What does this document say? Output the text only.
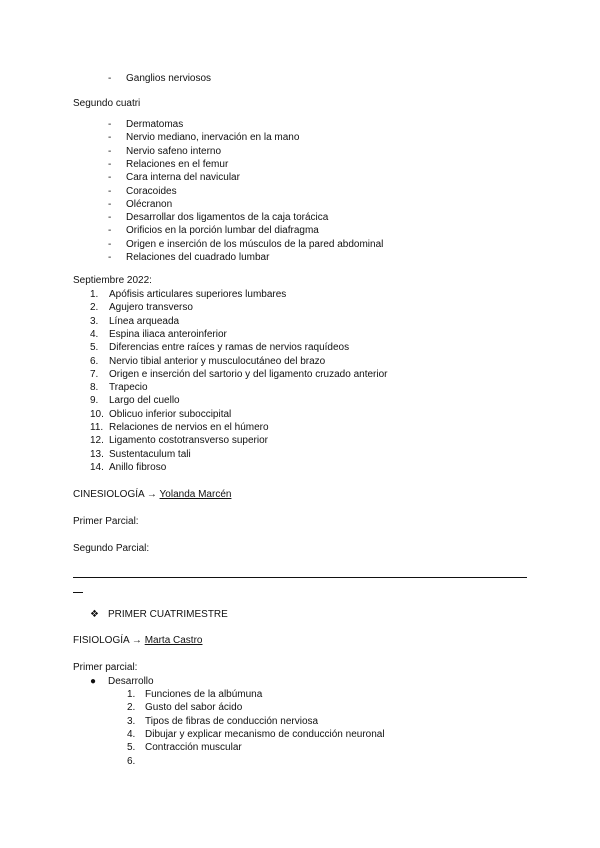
- Ganglios nerviosos
Segundo cuatri
- Dermatomas
- Nervio mediano, inervación en la mano
- Nervio safeno interno
- Relaciones en el femur
- Cara interna del navicular
- Coracoides
- Olécranon
- Desarrollar dos ligamentos de la caja torácica
- Orificios en la porción lumbar del diafragma
- Origen e inserción de los músculos de la pared abdominal
- Relaciones del cuadrado lumbar
Septiembre 2022:
1. Apófisis articulares superiores lumbares
2. Agujero transverso
3. Línea arqueada
4. Espina iliaca anteroinferior
5. Diferencias entre raíces y ramas de nervios raquídeos
6. Nervio tibial anterior y musculocutáneo del brazo
7. Origen e inserción del sartorio y del ligamento cruzado anterior
8. Trapecio
9. Largo del cuello
10. Oblicuo inferior suboccipital
11. Relaciones de nervios en el húmero
12. Ligamento costotransverso superior
13. Sustentaculum tali
14. Anillo fibroso
CINESIOLOGÍA → Yolanda Marcén
Primer Parcial:
Segundo Parcial:
❖ PRIMER CUATRIMESTRE
FISIOLOGÍA → Marta Castro
Primer parcial:
● Desarrollo
1. Funciones de la albúmuna
2. Gusto del sabor ácido
3. Tipos de fibras de conducción nerviosa
4. Dibujar y explicar mecanismo de conducción neuronal
5. Contracción muscular
6.
